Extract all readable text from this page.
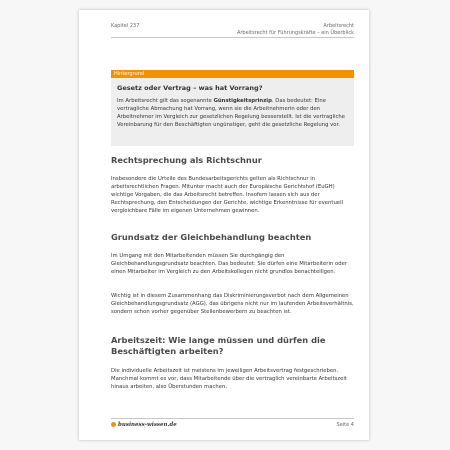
Kapitel 237	Arbeitsrecht
Arbeitsrecht für Führungskräfte – ein Überblick
Hintergrund
Gesetz oder Vertrag – was hat Vorrang?
Im Arbeitsrecht gilt das sogenannte Günstigkeitsprinzip. Das bedeutet: Eine vertragliche Abmachung hat Vorrang, wenn sie die Arbeitnehmerin oder den Arbeitnehmer im Vergleich zur gesetzlichen Regelung besserstellt. Ist die vertragliche Vereinbarung für den Beschäftigten ungünstiger, geht die gesetzliche Regelung vor.
Rechtsprechung als Richtschnur
Insbesondere die Urteile des Bundesarbeitsgerichts gelten als Richtschnur in arbeitsrechtlichen Fragen. Mitunter macht auch der Europäische Gerichtshof (EuGH) wichtige Vorgaben, die das Arbeitsrecht betreffen. Insofern lassen sich aus der Rechtsprechung, den Entscheidungen der Gerichte, wichtige Erkenntnisse für eventuell vergleichbare Fälle im eigenen Unternehmen gewinnen.
Grundsatz der Gleichbehandlung beachten
Im Umgang mit den Mitarbeitenden müssen Sie durchgängig den Gleichbehandlungsgrundsatz beachten. Das bedeutet: Sie dürfen eine Mitarbeiterin oder einen Mitarbeiter im Vergleich zu den Arbeitskollegen nicht grundlos benachteiligen.
Wichtig ist in diesem Zusammenhang das Diskriminierungsverbot nach dem Allgemeinen Gleichbehandlungsgrundsatz (AGG), das übrigens nicht nur im laufenden Arbeitsverhältnis, sondern schon vorher gegenüber Stellenbewerbern zu beachten ist.
Arbeitszeit: Wie lange müssen und dürfen die Beschäftigten arbeiten?
Die individuelle Arbeitszeit ist meistens im jeweiligen Arbeitsvertrag festgeschrieben. Manchmal kommt es vor, dass Mitarbeitende über die vertraglich vereinbarte Arbeitszeit hinaus arbeiten, also Überstunden machen.
business-wissen.de	Seite 4
